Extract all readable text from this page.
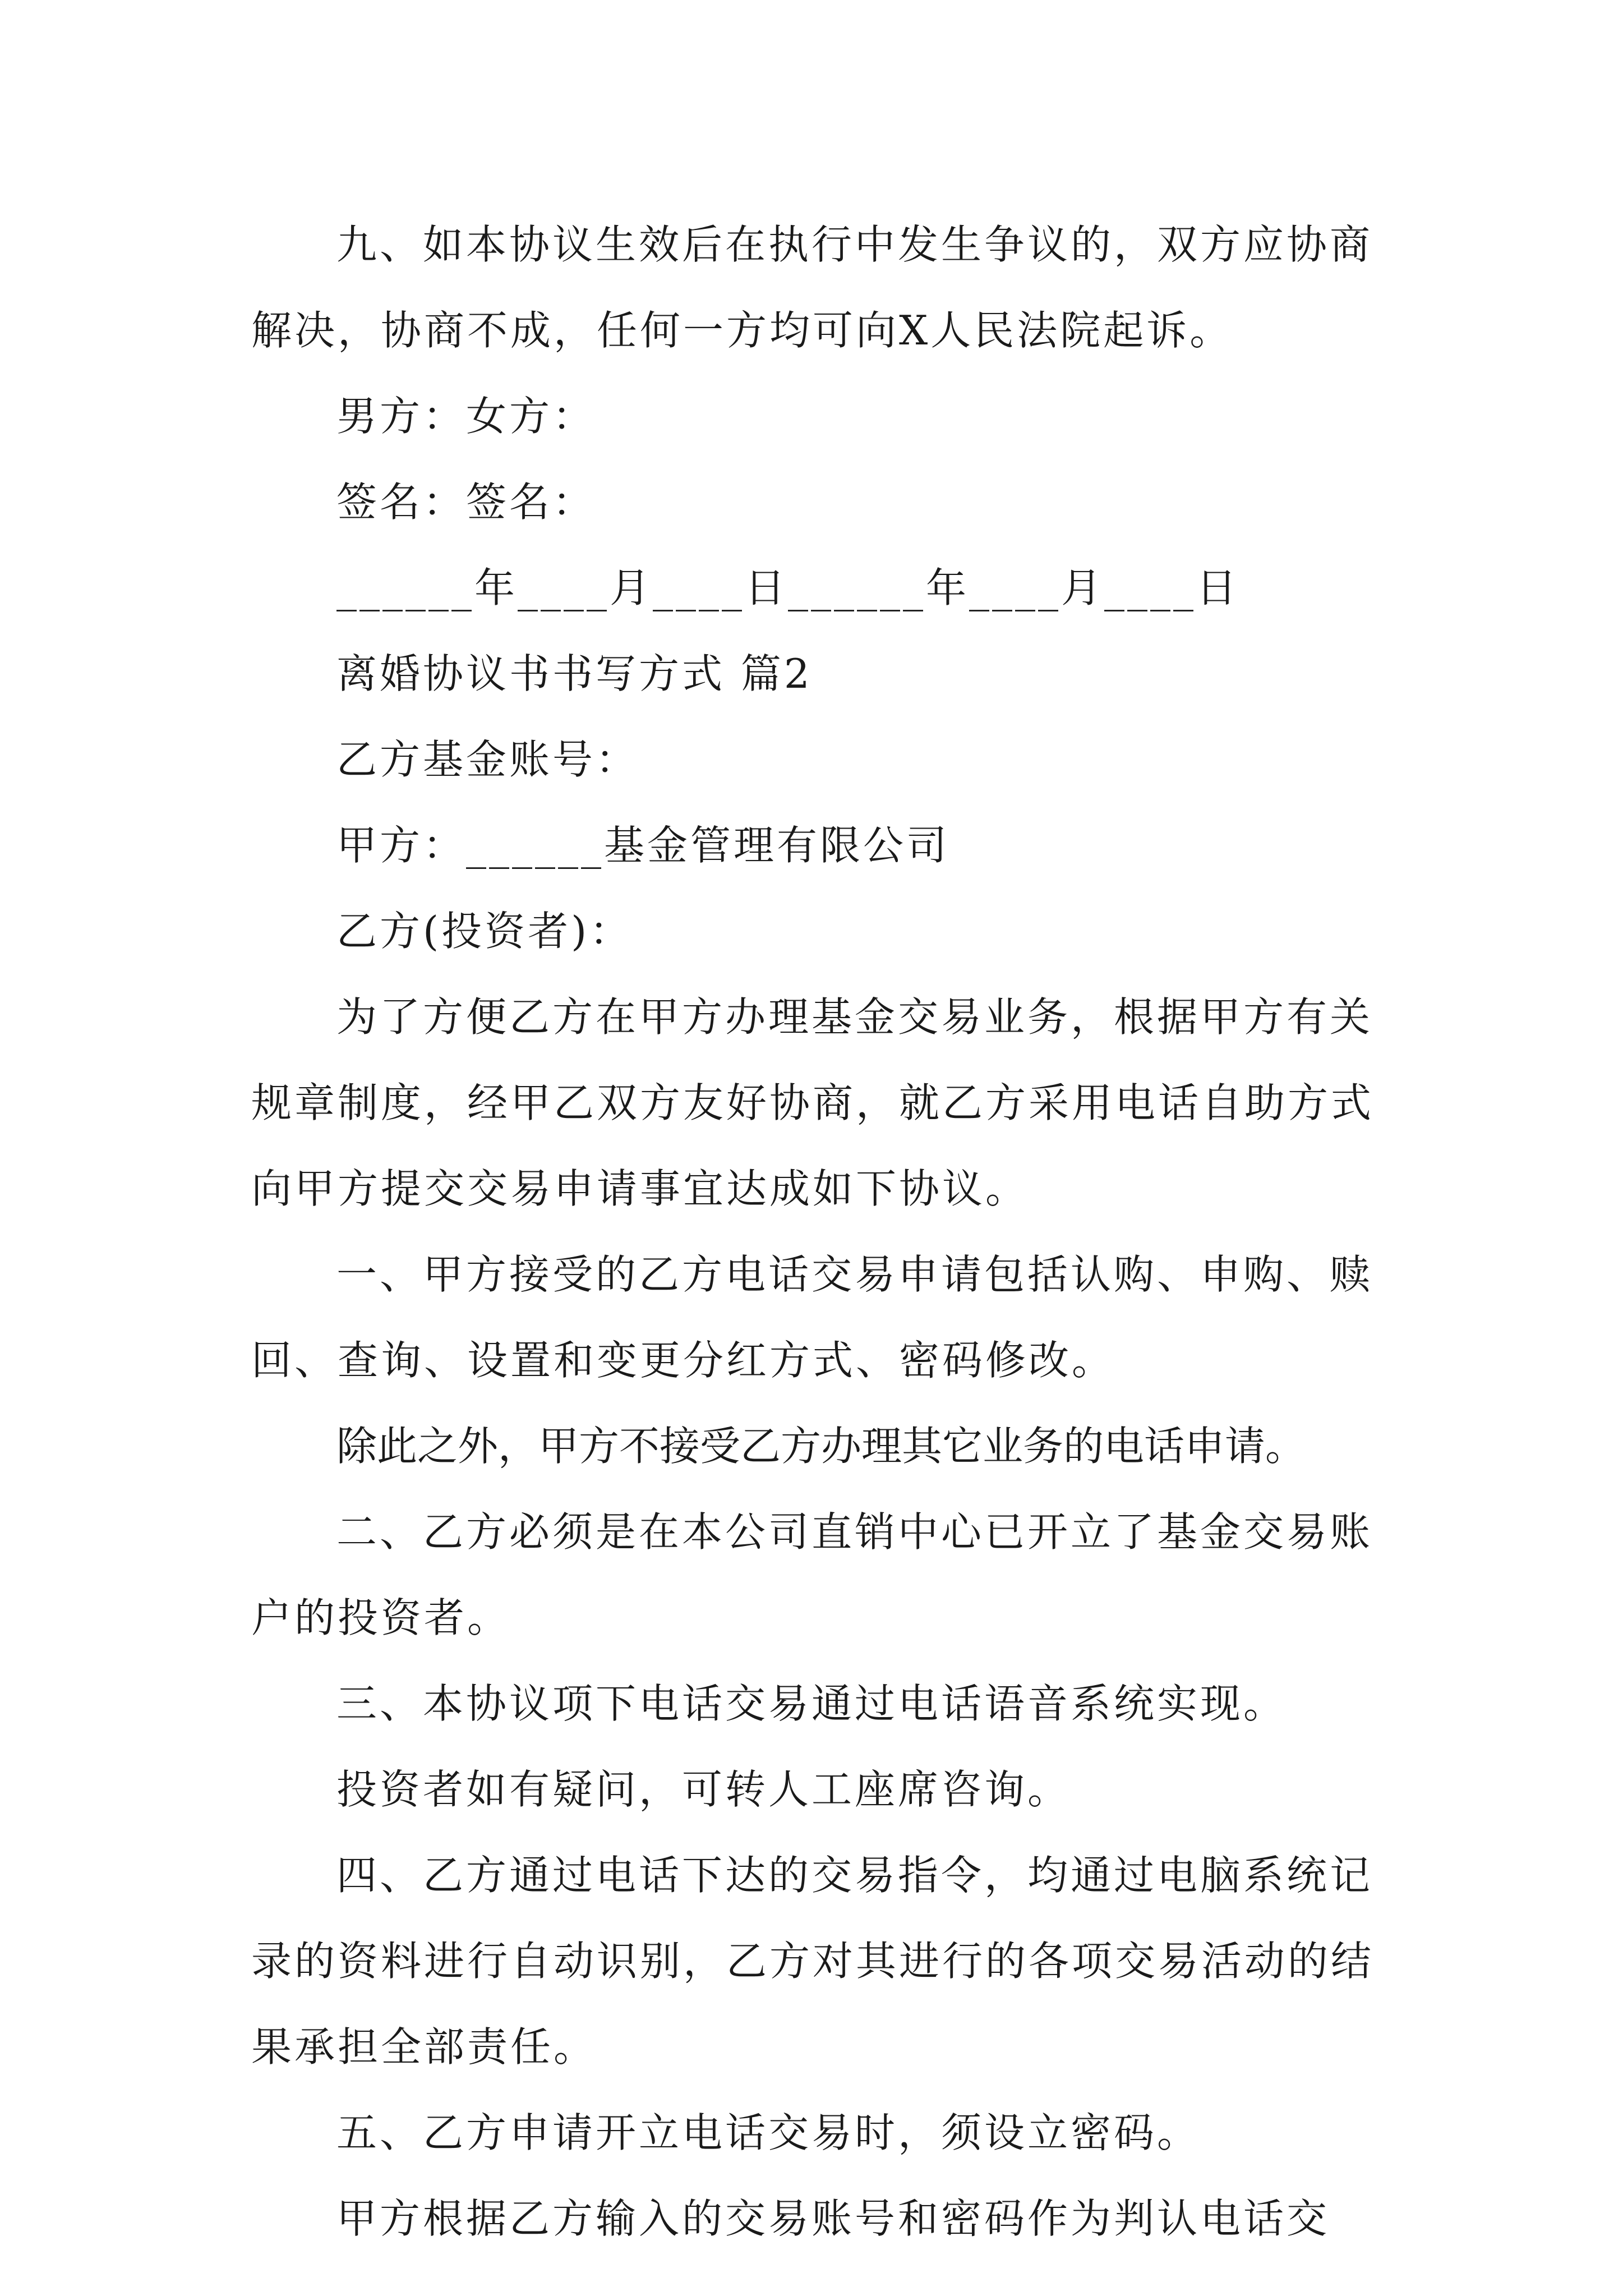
九、如本协议生效后在执行中发生争议的，双方应协商解决，协商不成，任何一方均可向X人民法院起诉。

男方：女方：

签名：签名：

______年____月____日______年____月____日

离婚协议书书写方式 篇2

乙方基金账号：

甲方：______基金管理有限公司

乙方(投资者)：

为了方便乙方在甲方办理基金交易业务，根据甲方有关规章制度，经甲乙双方友好协商，就乙方采用电话自助方式向甲方提交交易申请事宜达成如下协议。

一、甲方接受的乙方电话交易申请包括认购、申购、赎回、查询、设置和变更分红方式、密码修改。

除此之外，甲方不接受乙方办理其它业务的电话申请。

二、乙方必须是在本公司直销中心已开立了基金交易账户的投资者。

三、本协议项下电话交易通过电话语音系统实现。

投资者如有疑问，可转人工座席咨询。

四、乙方通过电话下达的交易指令，均通过电脑系统记录的资料进行自动识别，乙方对其进行的各项交易活动的结果承担全部责任。

五、乙方申请开立电话交易时，须设立密码。

甲方根据乙方输入的交易账号和密码作为判认电话交
